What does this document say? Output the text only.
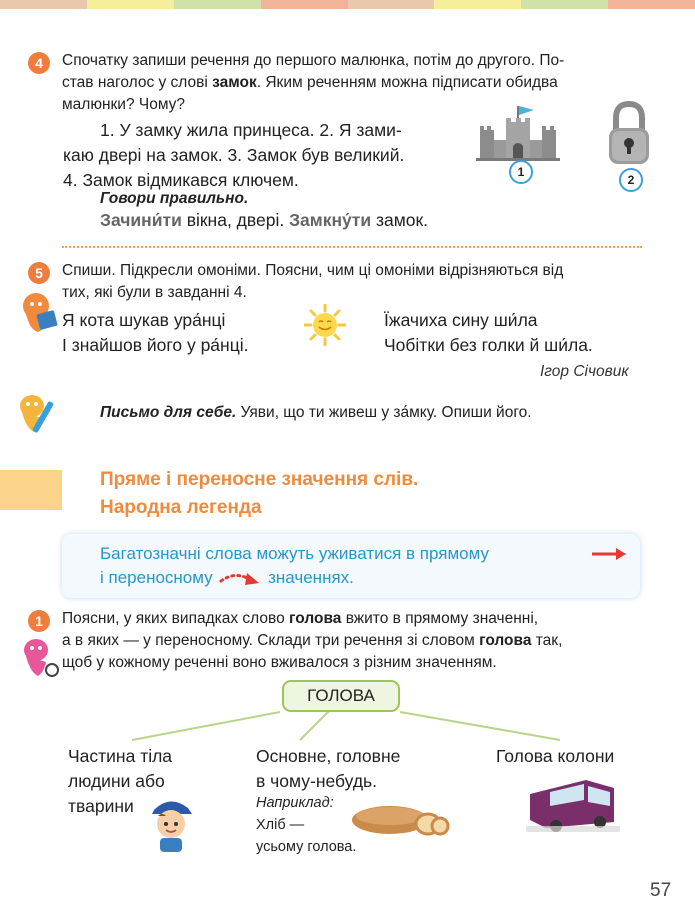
4	Спочатку запиши речення до першого малюнка, потім до другого. По-
став наголос у слові замок. Яким реченням можна підписати обидва
малюнки? Чому?
1. У замку жила принцеса. 2. Я зами-
каю двері на замок. 3. Замок був великий.
4. Замок відмикався ключем.	1
2
Говори правильно.
Зачини́ти вікна, двері. Замкну́ти замок.
5	Спиши. Підкресли омоніми. Поясни, чим ці омоніми відрізняються від
тих, які були в завданні 4.
Я кота шукав ура́нці
І знайшов його у ра́нці.
Їжачиха сину ши́ла
Чобітки без голки й ши́ла.
Ігор Січовик
Письмо для себе. Уяви, що ти живеш у за́мку. Опиши його.
Пряме і переносне значення слів.
Народна легенда
Багатозначні слова можуть уживатися в прямому
і переносному	значеннях.
1	Поясни, у яких випадках слово голова вжито в прямому значенні,
а в яких — у переносному. Склади три речення зі словом голова так,
щоб у кожному реченні воно вживалося з різним значенням.
ГОЛОВА
Частина тіла
людини або
тварини
Основне, головне
в чому-небудь.
Наприклад:
Хліб —
усьому голова.
Голова колони
57
